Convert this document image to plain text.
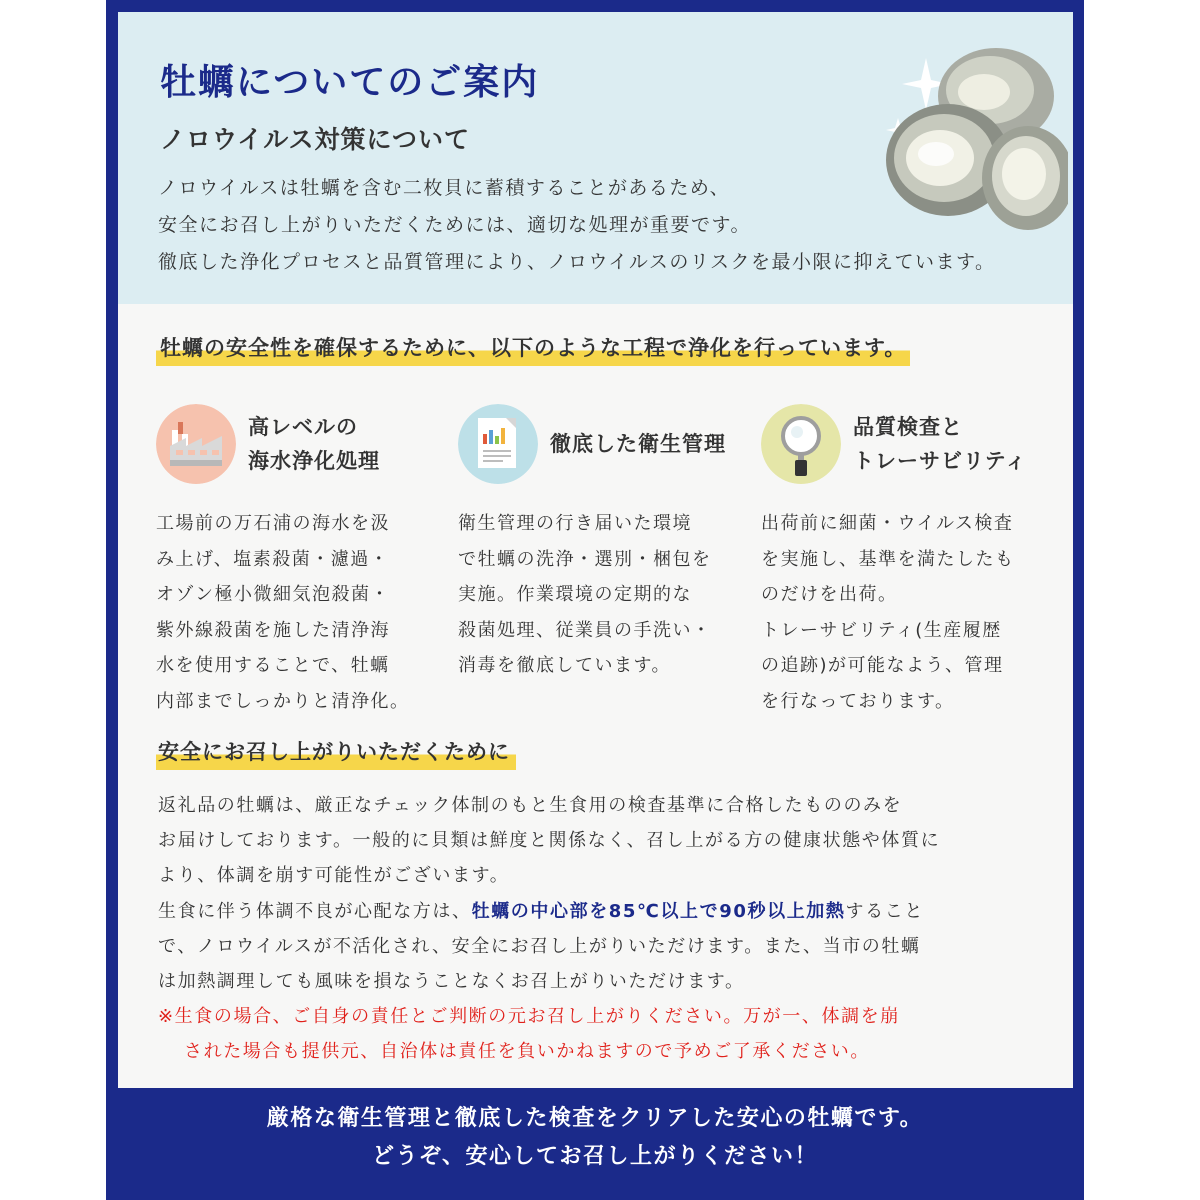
牡蠣についてのご案内
ノロウイルス対策について
ノロウイルスは牡蠣を含む二枚貝に蓄積することがあるため、
安全にお召し上がりいただくためには、適切な処理が重要です。
徹底した浄化プロセスと品質管理により、ノロウイルスのリスクを最小限に抑えています。
牡蠣の安全性を確保するために、以下のような工程で浄化を行っています。
高レベルの
海水浄化処理
工場前の万石浦の海水を汲
み上げ、塩素殺菌・濾過・
オゾン極小微細気泡殺菌・
紫外線殺菌を施した清浄海
水を使用することで、牡蠣
内部までしっかりと清浄化。
徹底した衛生管理
衛生管理の行き届いた環境
で牡蠣の洗浄・選別・梱包を
実施。作業環境の定期的な
殺菌処理、従業員の手洗い・
消毒を徹底しています。
品質検査と
トレーサビリティ
出荷前に細菌・ウイルス検査
を実施し、基準を満たしたも
のだけを出荷。
トレーサビリティ(生産履歴
の追跡)が可能なよう、管理
を行なっております。
安全にお召し上がりいただくために
返礼品の牡蠣は、厳正なチェック体制のもと生食用の検査基準に合格したもののみを
お届けしております。一般的に貝類は鮮度と関係なく、召し上がる方の健康状態や体質に
より、体調を崩す可能性がございます。
生食に伴う体調不良が心配な方は、牡蠣の中心部を85℃以上で90秒以上加熱すること
で、ノロウイルスが不活化され、安全にお召し上がりいただけます。また、当市の牡蠣
は加熱調理しても風味を損なうことなくお召上がりいただけます。
※生食の場合、ご自身の責任とご判断の元お召し上がりください。万が一、体調を崩
された場合も提供元、自治体は責任を負いかねますので予めご了承ください。
厳格な衛生管理と徹底した検査をクリアした安心の牡蠣です。
どうぞ、安心してお召し上がりください！
